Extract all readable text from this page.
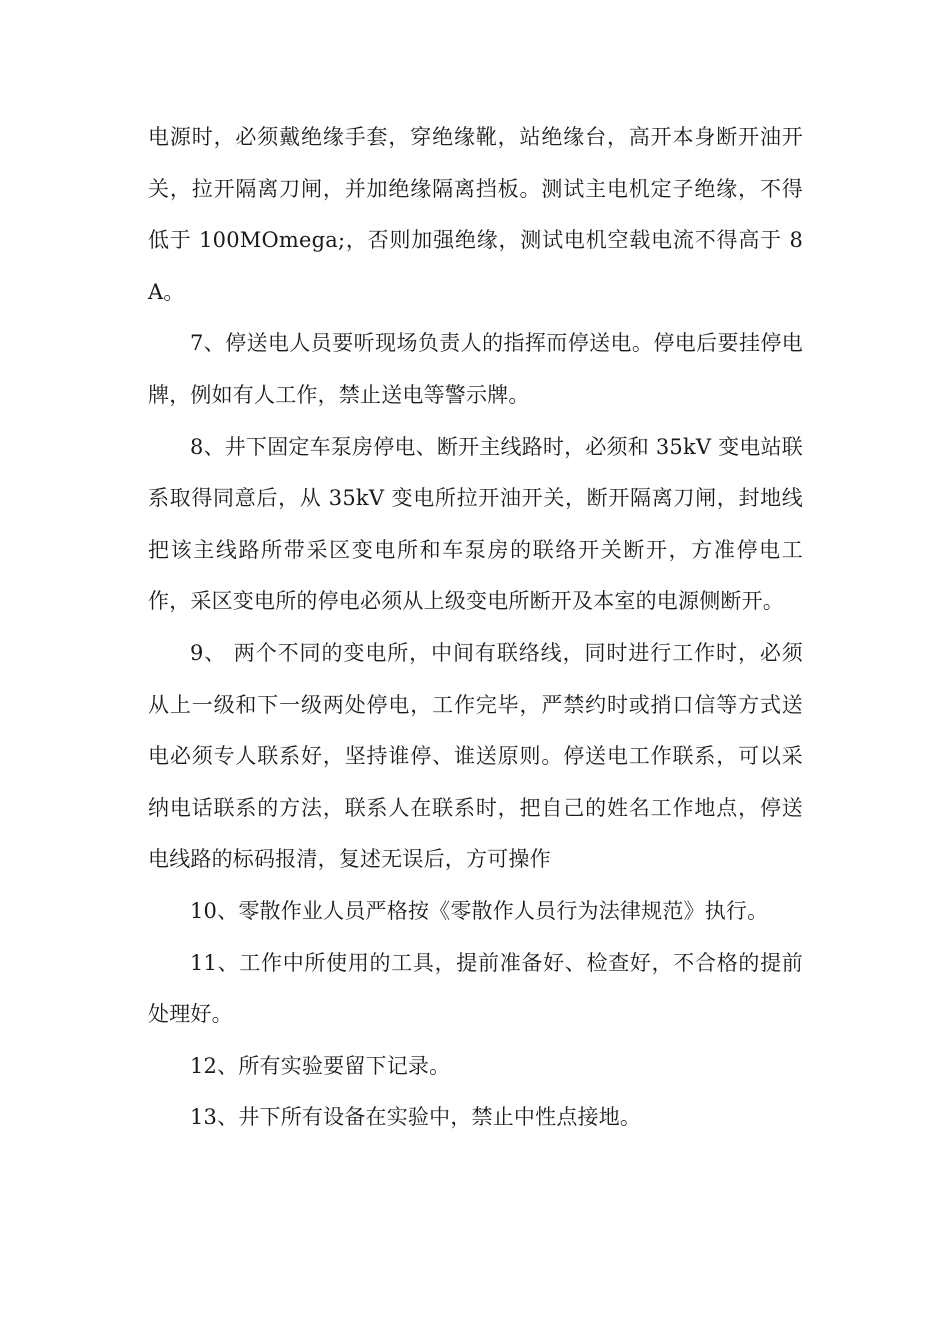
电源时，必须戴绝缘手套，穿绝缘靴，站绝缘台，高开本身断开油开关，拉开隔离刀闸，并加绝缘隔离挡板。测试主电机定子绝缘，不得低于 100MOmega;，否则加强绝缘，测试电机空载电流不得高于 8A。

7、停送电人员要听现场负责人的指挥而停送电。停电后要挂停电牌，例如有人工作，禁止送电等警示牌。

8、井下固定车泵房停电、断开主线路时，必须和 35kV 变电站联系取得同意后，从 35kV 变电所拉开油开关，断开隔离刀闸，封地线把该主线路所带采区变电所和车泵房的联络开关断开，方准停电工作，采区变电所的停电必须从上级变电所断开及本室的电源侧断开。

9、 两个不同的变电所，中间有联络线，同时进行工作时，必须从上一级和下一级两处停电，工作完毕，严禁约时或捎口信等方式送电必须专人联系好，坚持谁停、谁送原则。停送电工作联系，可以采纳电话联系的方法，联系人在联系时，把自己的姓名工作地点，停送电线路的标码报清，复述无误后，方可操作

10、零散作业人员严格按《零散作人员行为法律规范》执行。

11、工作中所使用的工具，提前准备好、检查好，不合格的提前处理好。

12、所有实验要留下记录。

13、井下所有设备在实验中，禁止中性点接地。
